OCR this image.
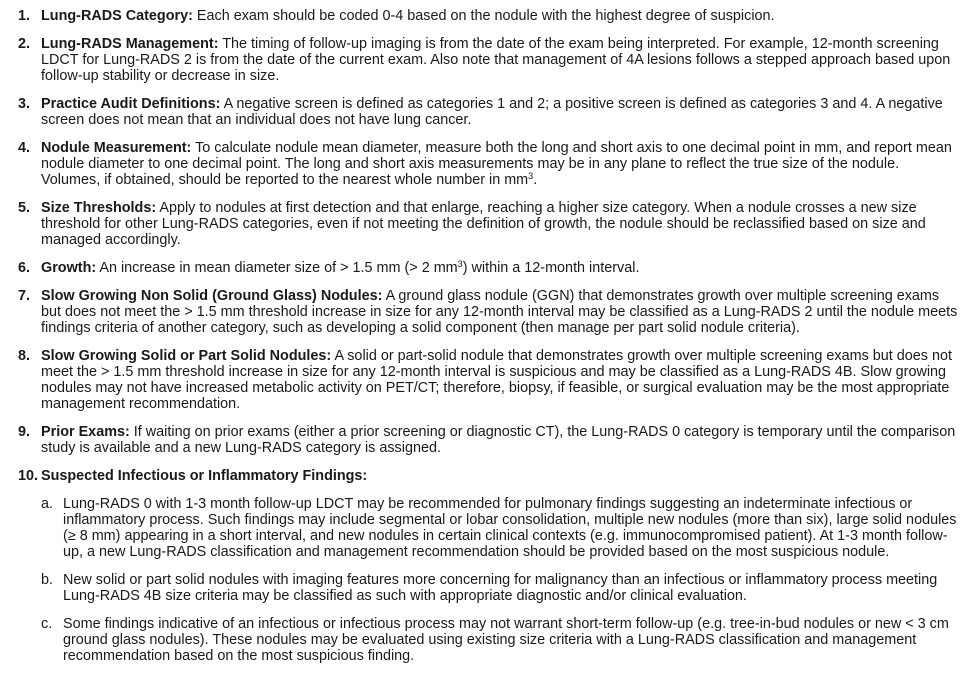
1. Lung-RADS Category: Each exam should be coded 0-4 based on the nodule with the highest degree of suspicion.
2. Lung-RADS Management: The timing of follow-up imaging is from the date of the exam being interpreted. For example, 12-month screening LDCT for Lung-RADS 2 is from the date of the current exam. Also note that management of 4A lesions follows a stepped approach based upon follow-up stability or decrease in size.
3. Practice Audit Definitions: A negative screen is defined as categories 1 and 2; a positive screen is defined as categories 3 and 4. A negative screen does not mean that an individual does not have lung cancer.
4. Nodule Measurement: To calculate nodule mean diameter, measure both the long and short axis to one decimal point in mm, and report mean nodule diameter to one decimal point. The long and short axis measurements may be in any plane to reflect the true size of the nodule. Volumes, if obtained, should be reported to the nearest whole number in $mm^3$.
5. Size Thresholds: Apply to nodules at first detection and that enlarge, reaching a higher size category. When a nodule crosses a new size threshold for other Lung-RADS categories, even if not meeting the definition of growth, the nodule should be reclassified based on size and managed accordingly.
6. Growth: An increase in mean diameter size of > 1.5 mm (> 2 $mm^3$) within a 12-month interval.
7. Slow Growing Non Solid (Ground Glass) Nodules: A ground glass nodule (GGN) that demonstrates growth over multiple screening exams but does not meet the > 1.5 mm threshold increase in size for any 12-month interval may be classified as a Lung-RADS 2 until the nodule meets findings criteria of another category, such as developing a solid component (then manage per part solid nodule criteria).
8. Slow Growing Solid or Part Solid Nodules: A solid or part-solid nodule that demonstrates growth over multiple screening exams but does not meet the > 1.5 mm threshold increase in size for any 12-month interval is suspicious and may be classified as a Lung-RADS 4B. Slow growing nodules may not have increased metabolic activity on PET/CT; therefore, biopsy, if feasible, or surgical evaluation may be the most appropriate management recommendation.
9. Prior Exams: If waiting on prior exams (either a prior screening or diagnostic CT), the Lung-RADS 0 category is temporary until the comparison study is available and a new Lung-RADS category is assigned.
10. Suspected Infectious or Inflammatory Findings:
a. Lung-RADS 0 with 1-3 month follow-up LDCT may be recommended for pulmonary findings suggesting an indeterminate infectious or inflammatory process. Such findings may include segmental or lobar consolidation, multiple new nodules (more than six), large solid nodules (≥ 8 mm) appearing in a short interval, and new nodules in certain clinical contexts (e.g. immunocompromised patient). At 1-3 month follow-up, a new Lung-RADS classification and management recommendation should be provided based on the most suspicious nodule.
b. New solid or part solid nodules with imaging features more concerning for malignancy than an infectious or inflammatory process meeting Lung-RADS 4B size criteria may be classified as such with appropriate diagnostic and/or clinical evaluation.
c. Some findings indicative of an infectious or infectious process may not warrant short-term follow-up (e.g. tree-in-bud nodules or new < 3 cm ground glass nodules). These nodules may be evaluated using existing size criteria with a Lung-RADS classification and management recommendation based on the most suspicious finding.
